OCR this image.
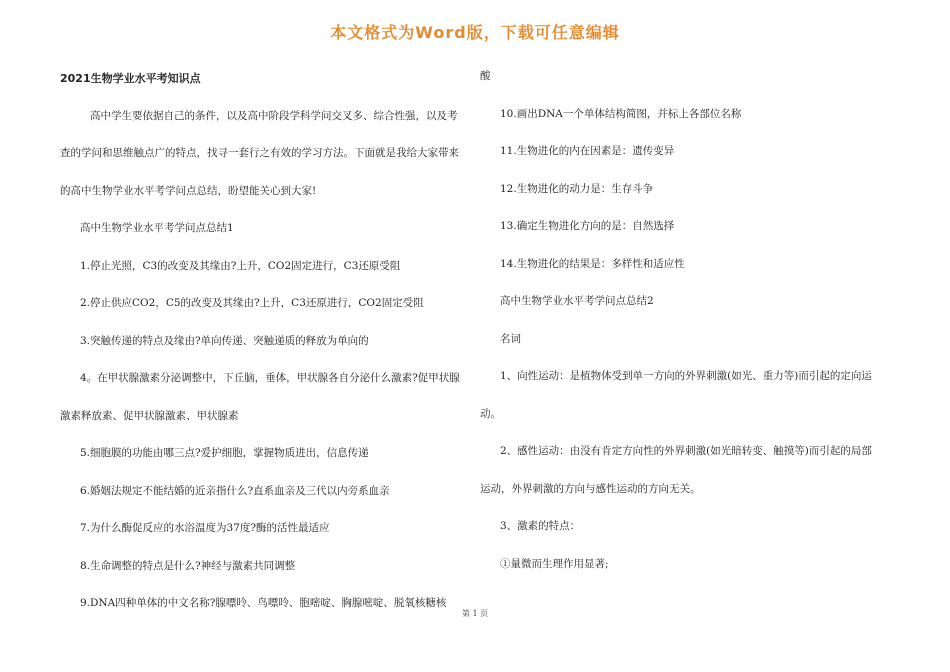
本文格式为Word版，下载可任意编辑

2021生物学业水平考知识点

高中学生要依据自己的条件，以及高中阶段学科学问交叉多、综合性强，以及考查的学问和思维触点广的特点，找寻一套行之有效的学习方法。下面就是我给大家带来的高中生物学业水平考学问点总结，盼望能关心到大家!

高中生物学业水平考学问点总结1

1.停止光照，C3的改变及其缘由?上升，CO2固定进行，C3还原受阻

2.停止供应CO2，C5的改变及其缘由?上升，C3还原进行，CO2固定受阻

3.突触传递的特点及缘由?单向传递、突触递质的释放为单向的

4。在甲状腺激素分泌调整中，下丘脑，垂体，甲状腺各自分泌什么激素?促甲状腺激素释放素、促甲状腺激素、甲状腺素

5.细胞膜的功能由哪三点?爱护细胞，掌握物质进出，信息传递

6.婚姻法规定不能结婚的近亲指什么?直系血亲及三代以内旁系血亲

7.为什么酶促反应的水浴温度为37度?酶的活性最适应

8.生命调整的特点是什么?神经与激素共同调整

9.DNA四种单体的中文名称?腺嘌呤、鸟嘌呤、胞嘧啶、胸腺嘧啶、脱氧核糖核

酸

10.画出DNA一个单体结构简图，并标上各部位名称

11.生物进化的内在因素是：遗传变异

12.生物进化的动力是：生存斗争

13.确定生物进化方向的是：自然选择

14.生物进化的结果是：多样性和适应性

高中生物学业水平考学问点总结2

名词

1、向性运动：是植物体受到单一方向的外界刺激(如光、重力等)而引起的定向运动。

2、感性运动：由没有肯定方向性的外界刺激(如光暗转变、触摸等)而引起的局部运动，外界刺激的方向与感性运动的方向无关。

3、激素的特点：

①量微而生理作用显著;

第 1 页
